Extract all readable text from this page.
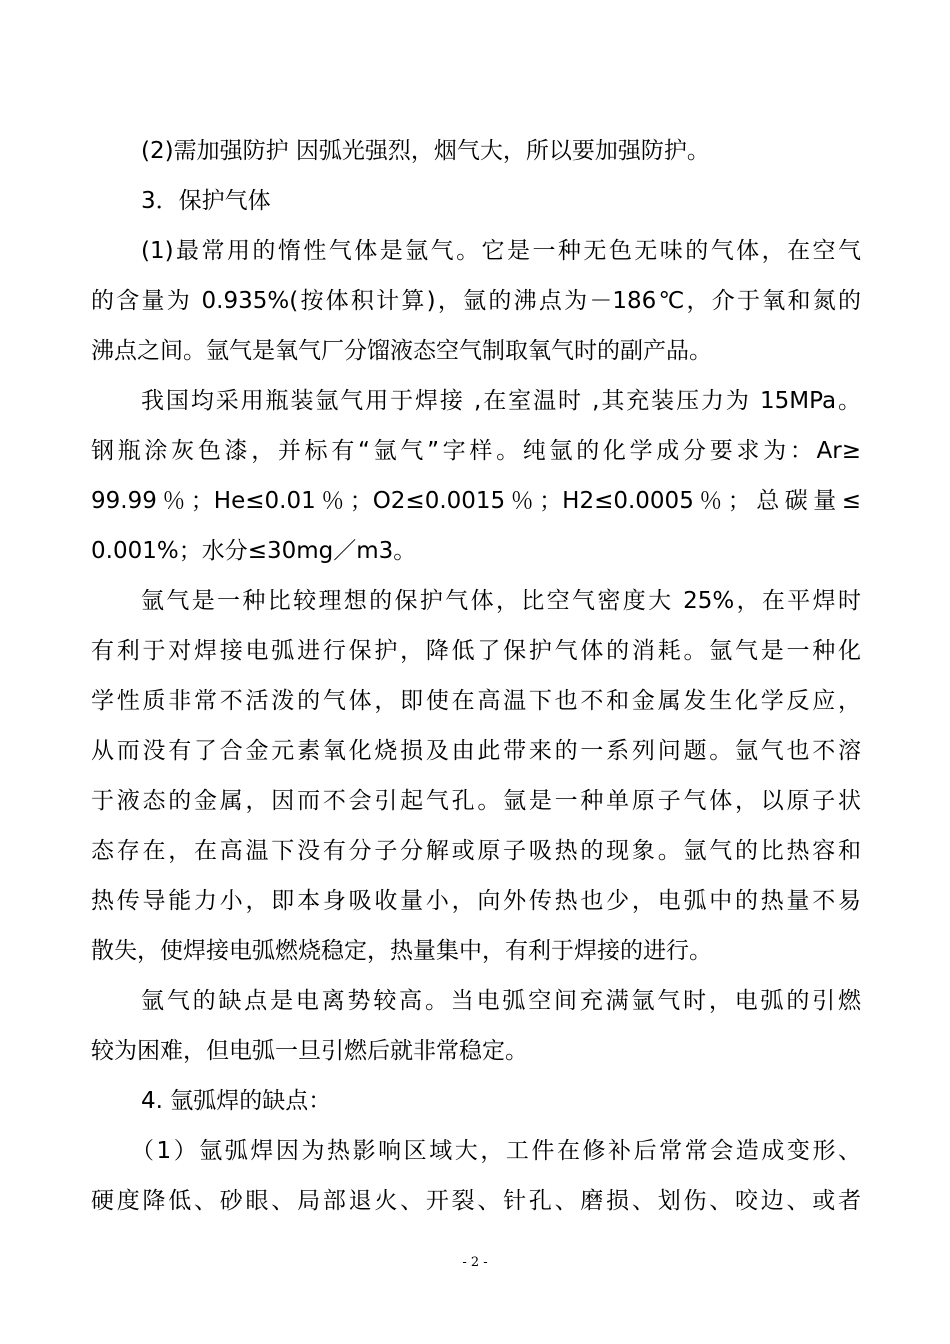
(2)需加强防护 因弧光强烈，烟气大，所以要加强防护。
3．保护气体
(1)最常用的惰性气体是氩气。它是一种无色无味的气体，在空气
的含量为 0.935%(按体积计算)，氩的沸点为－186℃，介于氧和氮的
沸点之间。氩气是氧气厂分馏液态空气制取氧气时的副产品。
我国均采用瓶装氩气用于焊接 ,在室温时 ,其充装压力为 15MPa。
钢瓶涂灰色漆，并标有“氩气”字样。纯氩的化学成分要求为：Ar≥
99.99％；He≤0.01％；O2≤0.0015％；H2≤0.0005％；总碳量≤
0.001%；水分≤30mg／m3。
氩气是一种比较理想的保护气体，比空气密度大 25%，在平焊时
有利于对焊接电弧进行保护，降低了保护气体的消耗。氩气是一种化
学性质非常不活泼的气体，即使在高温下也不和金属发生化学反应，
从而没有了合金元素氧化烧损及由此带来的一系列问题。氩气也不溶
于液态的金属，因而不会引起气孔。氩是一种单原子气体，以原子状
态存在，在高温下没有分子分解或原子吸热的现象。氩气的比热容和
热传导能力小，即本身吸收量小，向外传热也少，电弧中的热量不易
散失，使焊接电弧燃烧稳定，热量集中，有利于焊接的进行。
氩气的缺点是电离势较高。当电弧空间充满氩气时，电弧的引燃
较为困难，但电弧一旦引燃后就非常稳定。
4. 氩弧焊的缺点：
（1）氩弧焊因为热影响区域大，工件在修补后常常会造成变形、
硬度降低、砂眼、局部退火、开裂、针孔、磨损、划伤、咬边、或者
- 2 -
